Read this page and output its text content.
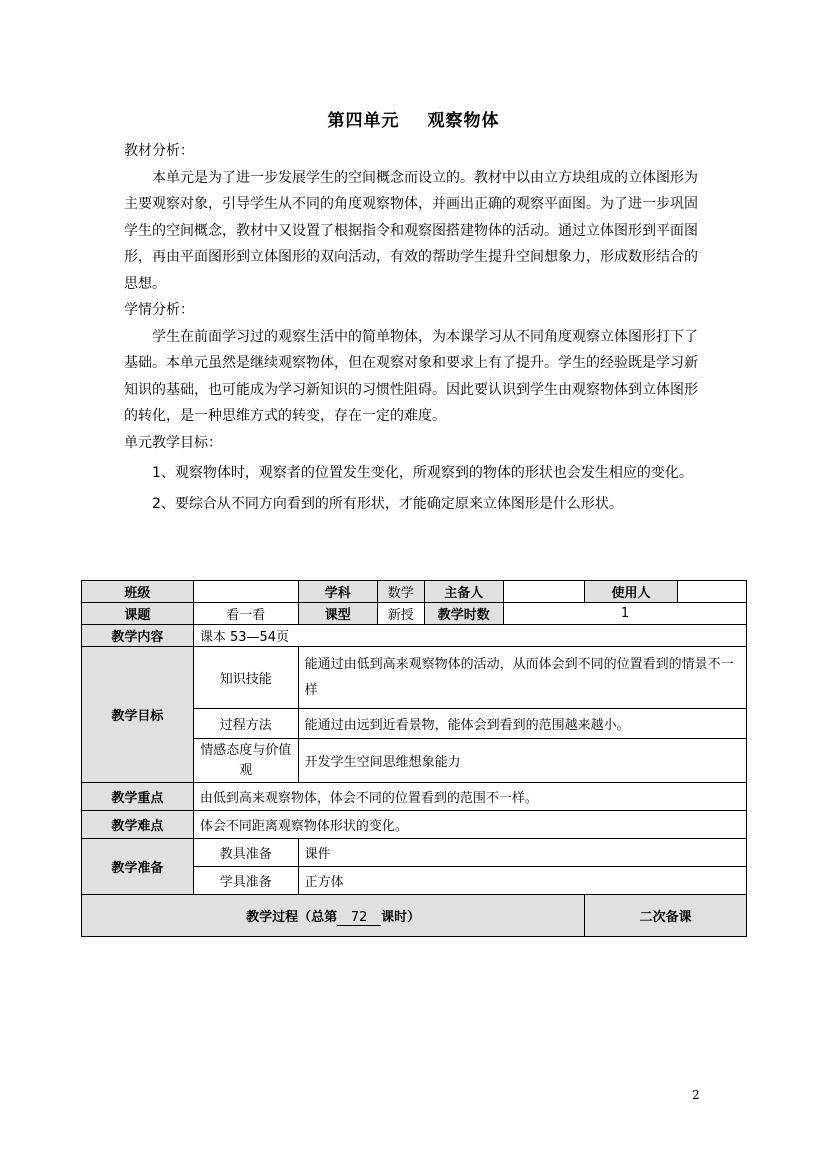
第四单元 观察物体

教材分析：

本单元是为了进一步发展学生的空间概念而设立的。教材中以由立方块组成的立体图形为主要观察对象，引导学生从不同的角度观察物体，并画出正确的观察平面图。为了进一步巩固学生的空间概念，教材中又设置了根据指令和观察图搭建物体的活动。通过立体图形到平面图形，再由平面图形到立体图形的双向活动，有效的帮助学生提升空间想象力，形成数形结合的思想。

学情分析：

学生在前面学习过的观察生活中的简单物体，为本课学习从不同角度观察立体图形打下了基础。本单元虽然是继续观察物体，但在观察对象和要求上有了提升。学生的经验既是学习新知识的基础，也可能成为学习新知识的习惯性阻碍。因此要认识到学生由观察物体到立体图形的转化，是一种思维方式的转变，存在一定的难度。

单元教学目标：

1、观察物体时，观察者的位置发生变化，所观察到的物体的形状也会发生相应的变化。

2、要综合从不同方向看到的所有形状，才能确定原来立体图形是什么形状。

班级		学科	数学	主备人		使用人	
课题	看一看	课型	新授	教学时数	1		
教学内容	课本 53—54页						
教学目标	知识技能	能通过由低到高来观察物体的活动，从而体会到不同的位置看到的情景不一样					
	过程方法	能通过由远到近看景物，能体会到看到的范围越来越小。					
	情感态度与价值观	开发学生空间思维想象能力					
教学重点	由低到高来观察物体，体会不同的位置看到的范围不一样。						
教学难点	体会不同距离观察物体形状的变化。						
教学准备	教具准备	课件					
	学具准备	正方体					
教学过程（总第 72 课时）						二次备课	
2
